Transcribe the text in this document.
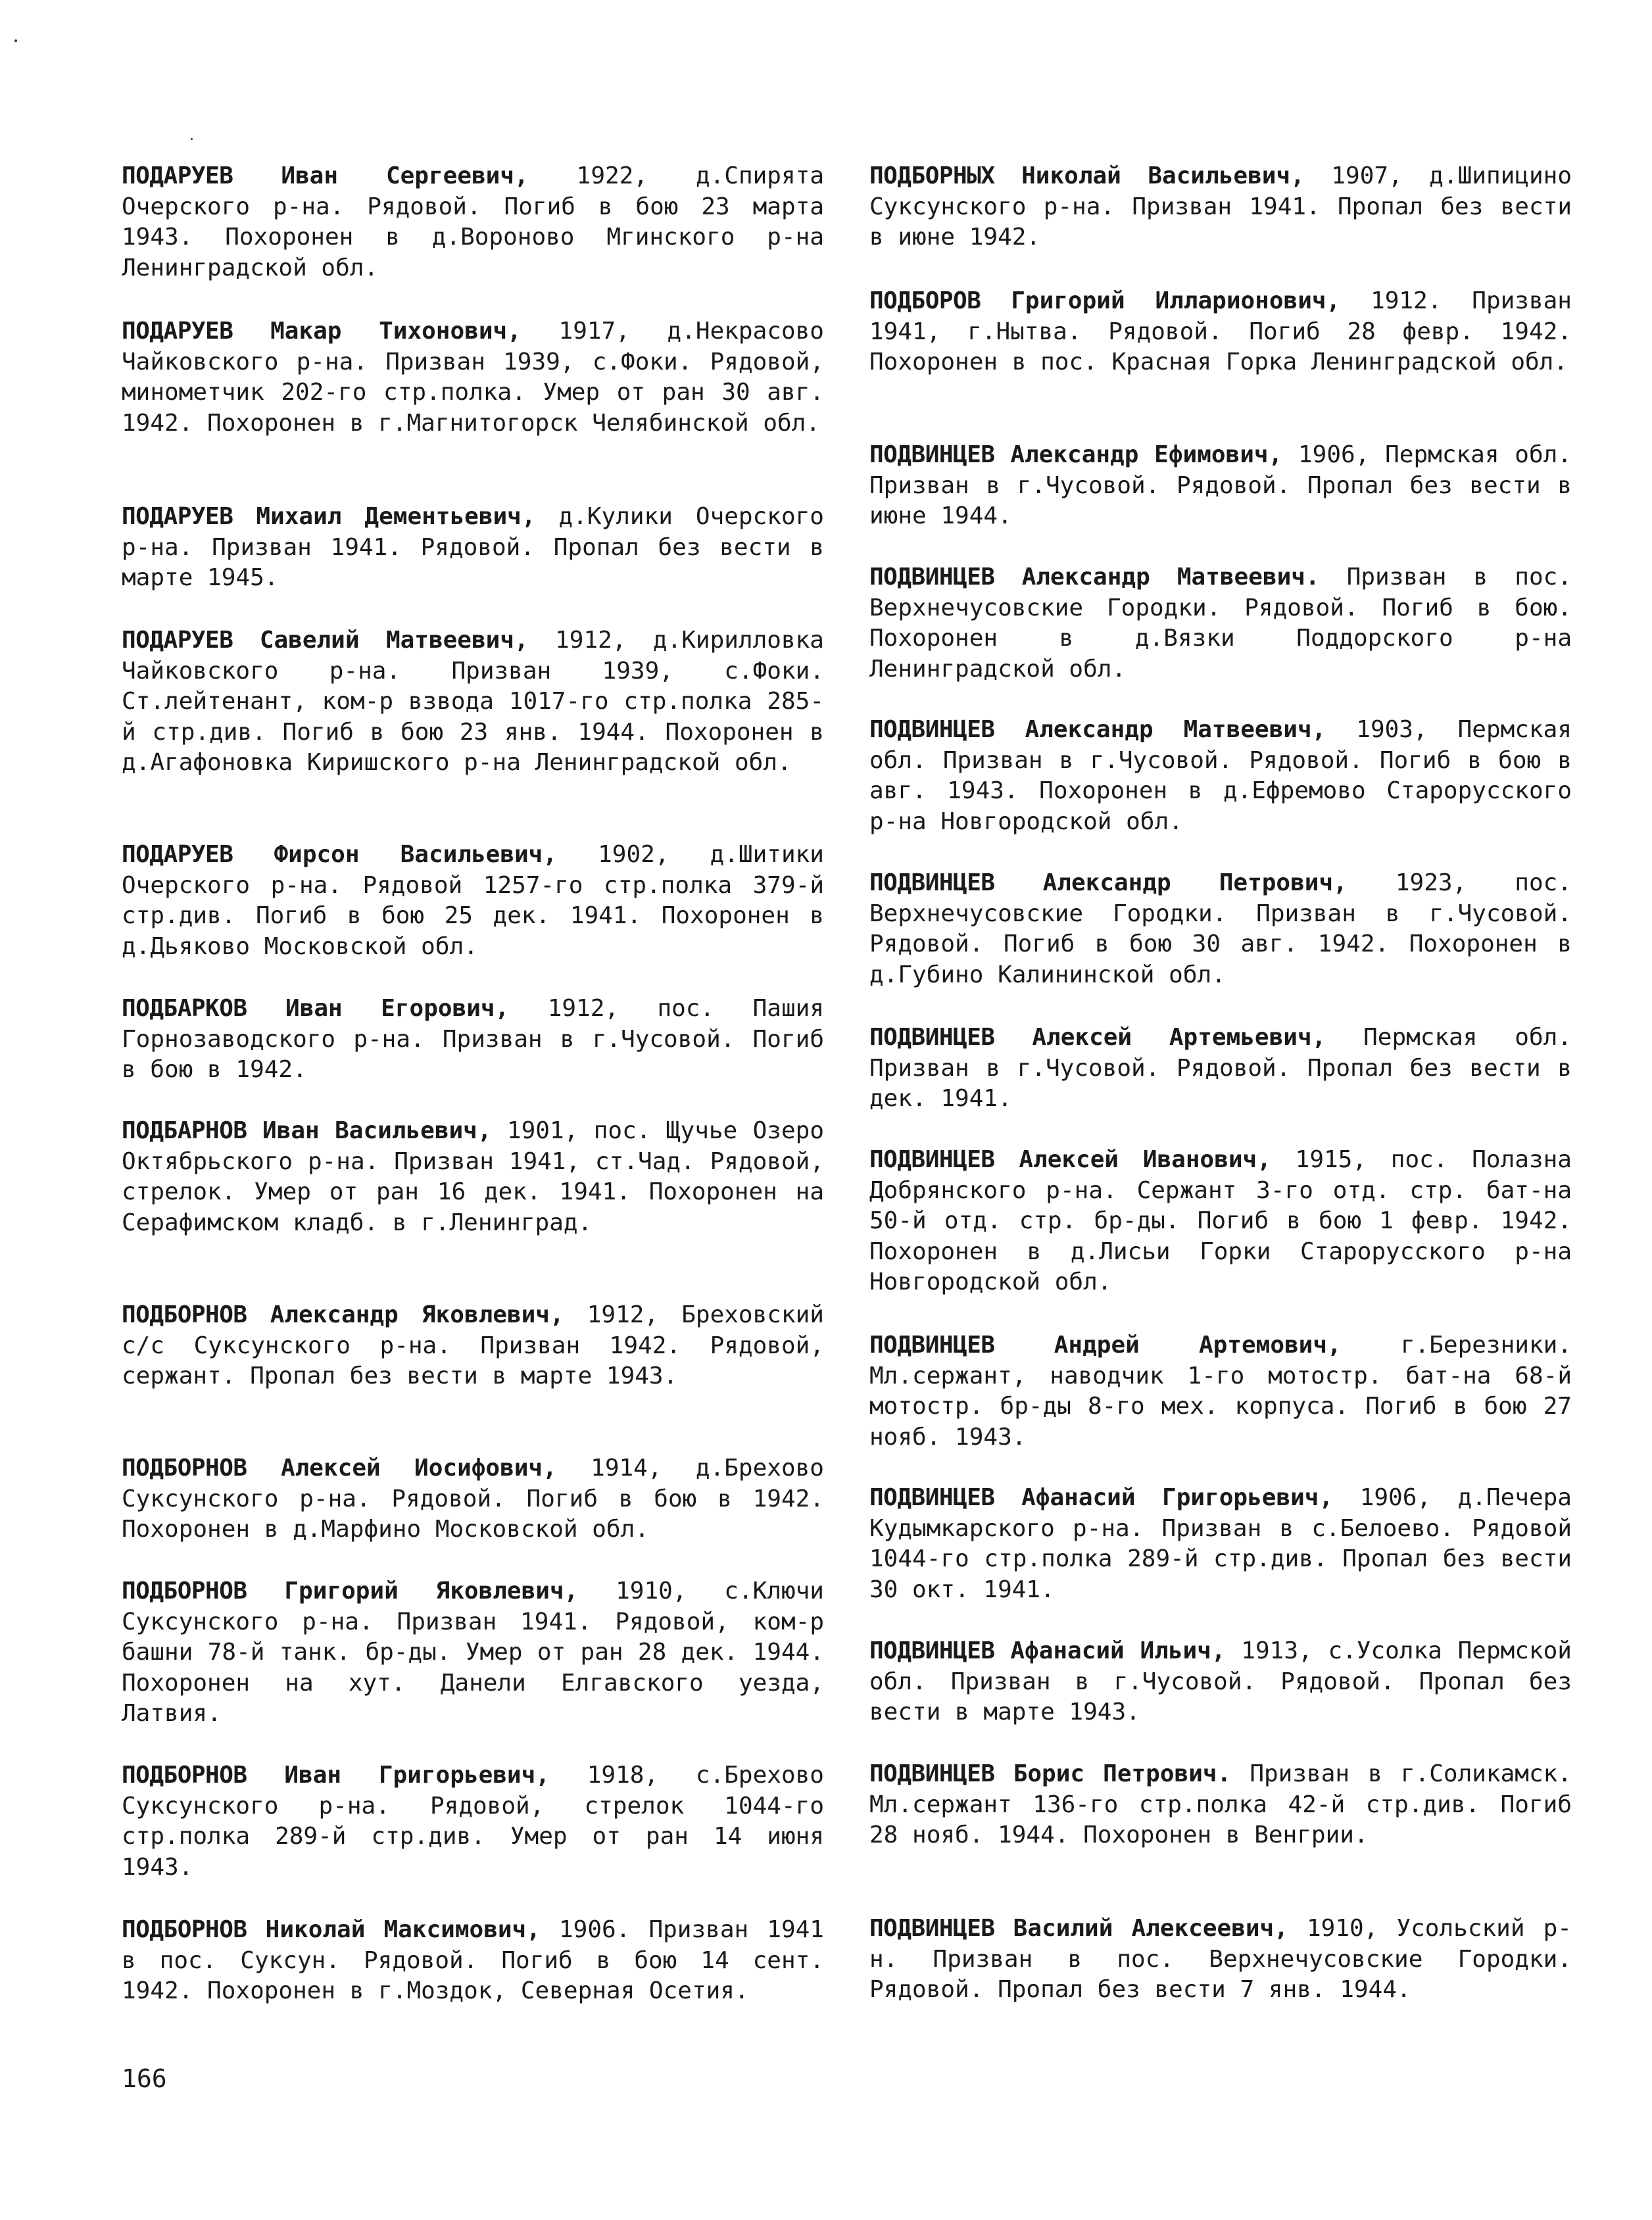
ПОДАРУЕВ Иван Сергеевич, 1922, д.Спирята Очерского р-на. Рядовой. Погиб в бою 23 марта 1943. Похоронен в д.Вороново Мгинского р-на Ленинградской обл.

ПОДАРУЕВ Макар Тихонович, 1917, д.Некрасово Чайковского р-на. Призван 1939, с.Фоки. Рядовой, минометчик 202-го стр.полка. Умер от ран 30 авг. 1942. Похоронен в г.Магнитогорск Челябинской обл.

ПОДАРУЕВ Михаил Дементьевич, д.Кулики Очерского р-на. Призван 1941. Рядовой. Пропал без вести в марте 1945.

ПОДАРУЕВ Савелий Матвеевич, 1912, д.Кирилловка Чайковского р-на. Призван 1939, с.Фоки. Ст.лейтенант, ком-р взвода 1017-го стр.полка 285-й стр.див. Погиб в бою 23 янв. 1944. Похоронен в д.Агафоновка Киришского р-на Ленинградской обл.

ПОДАРУЕВ Фирсон Васильевич, 1902, д.Шитики Очерского р-на. Рядовой 1257-го стр.полка 379-й стр.див. Погиб в бою 25 дек. 1941. Похоронен в д.Дьяково Московской обл.

ПОДБАРКОВ Иван Егорович, 1912, пос. Пашия Горнозаводского р-на. Призван в г.Чусовой. Погиб в бою в 1942.

ПОДБАРНОВ Иван Васильевич, 1901, пос. Щучье Озеро Октябрьского р-на. Призван 1941, ст.Чад. Рядовой, стрелок. Умер от ран 16 дек. 1941. Похоронен на Серафимском кладб. в г.Ленинград.

ПОДБОРНОВ Александр Яковлевич, 1912, Бреховский с/с Суксунского р-на. Призван 1942. Рядовой, сержант. Пропал без вести в марте 1943.

ПОДБОРНОВ Алексей Иосифович, 1914, д.Брехово Суксунского р-на. Рядовой. Погиб в бою в 1942. Похоронен в д.Марфино Московской обл.

ПОДБОРНОВ Григорий Яковлевич, 1910, с.Ключи Суксунского р-на. Призван 1941. Рядовой, ком-р башни 78-й танк. бр-ды. Умер от ран 28 дек. 1944. Похоронен на хут. Данели Елгавского уезда, Латвия.

ПОДБОРНОВ Иван Григорьевич, 1918, с.Брехово Суксунского р-на. Рядовой, стрелок 1044-го стр.полка 289-й стр.див. Умер от ран 14 июня 1943.

ПОДБОРНОВ Николай Максимович, 1906. Призван 1941 в пос. Суксун. Рядовой. Погиб в бою 14 сент. 1942. Похоронен в г.Моздок, Северная Осетия.

ПОДБОРНЫХ Николай Васильевич, 1907, д.Шипицино Суксунского р-на. Призван 1941. Пропал без вести в июне 1942.

ПОДБОРОВ Григорий Илларионович, 1912. Призван 1941, г.Нытва. Рядовой. Погиб 28 февр. 1942. Похоронен в пос. Красная Горка Ленинградской обл.

ПОДВИНЦЕВ Александр Ефимович, 1906, Пермская обл. Призван в г.Чусовой. Рядовой. Пропал без вести в июне 1944.

ПОДВИНЦЕВ Александр Матвеевич. Призван в пос. Верхнечусовские Городки. Рядовой. Погиб в бою. Похоронен в д.Вязки Поддорского р-на Ленинградской обл.

ПОДВИНЦЕВ Александр Матвеевич, 1903, Пермская обл. Призван в г.Чусовой. Рядовой. Погиб в бою в авг. 1943. Похоронен в д.Ефремово Старорусского р-на Новгородской обл.

ПОДВИНЦЕВ Александр Петрович, 1923, пос. Верхнечусовские Городки. Призван в г.Чусовой. Рядовой. Погиб в бою 30 авг. 1942. Похоронен в д.Губино Калининской обл.

ПОДВИНЦЕВ Алексей Артемьевич, Пермская обл. Призван в г.Чусовой. Рядовой. Пропал без вести в дек. 1941.

ПОДВИНЦЕВ Алексей Иванович, 1915, пос. Полазна Добрянского р-на. Сержант 3-го отд. стр. бат-на 50-й отд. стр. бр-ды. Погиб в бою 1 февр. 1942. Похоронен в д.Лисьи Горки Старорусского р-на Новгородской обл.

ПОДВИНЦЕВ	Андрей Артемович,	г.Березники. Мл.сержант, наводчик 1-го мотостр. бат-на 68-й мотостр. бр-ды 8-го мех. корпуса. Погиб в бою 27 нояб. 1943.

ПОДВИНЦЕВ Афанасий Григорьевич, 1906, д.Печера Кудымкарского р-на. Призван в с.Белоево. Рядовой 1044-го стр.полка 289-й стр.див. Пропал без вести 30 окт. 1941.

ПОДВИНЦЕВ Афанасий Ильич, 1913, с.Усолка Пермской обл. Призван в г.Чусовой. Рядовой. Пропал без вести в марте 1943.

ПОДВИНЦЕВ Борис Петрович. Призван в г.Соликамск. Мл.сержант 136-го стр.полка 42-й стр.див. Погиб 28 нояб. 1944. Похоронен в Венгрии.

ПОДВИНЦЕВ Василий Алексеевич, 1910, Усольский р-н. Призван в пос. Верхнечусовские Городки. Рядовой. Пропал без вести 7 янв. 1944.

166
